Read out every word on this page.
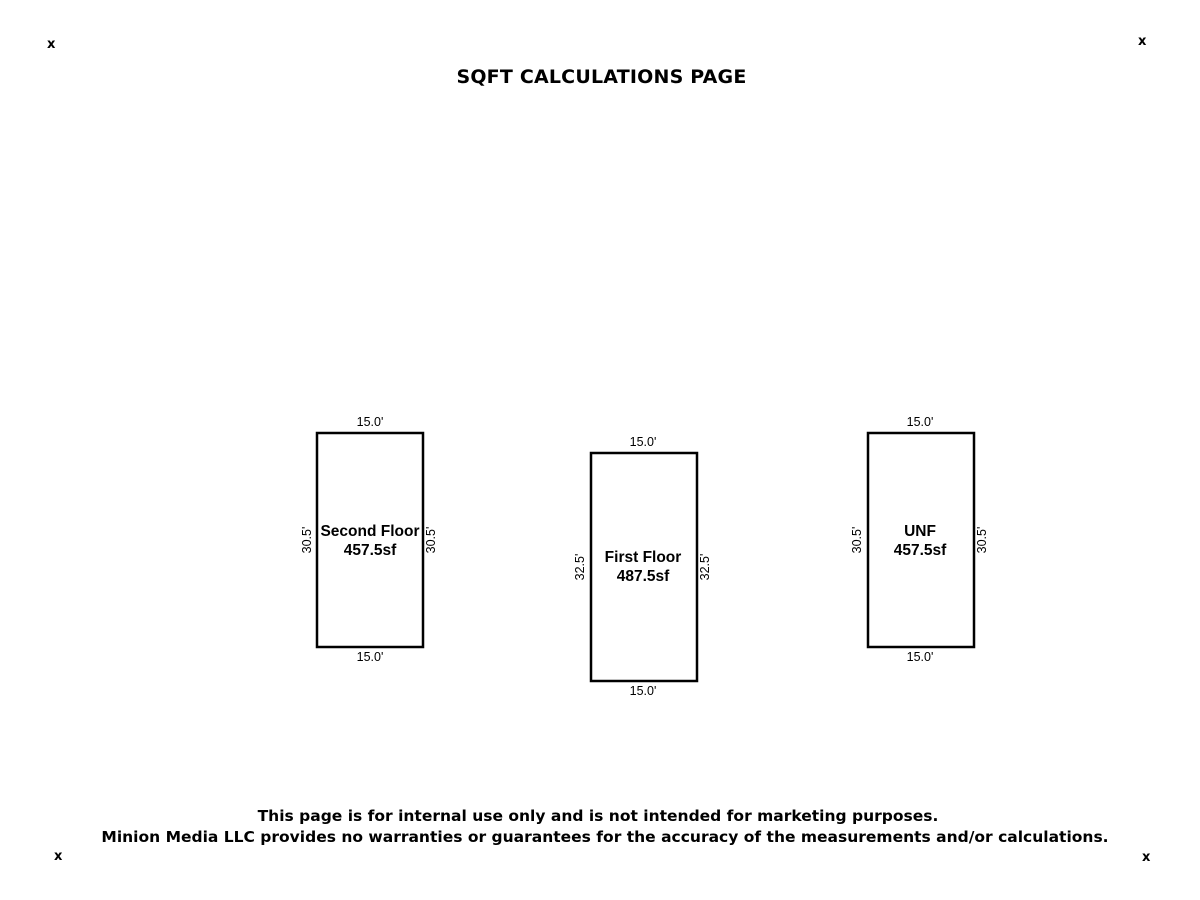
x	x
x	x
SQFT CALCULATIONS PAGE
15.0'
15.0'
30.5'	30.5'
Second Floor
457.5sf
15.0'
15.0'
32.5'	32.5'
First Floor
487.5sf
15.0'
15.0'
30.5'	30.5'
UNF
457.5sf
This page is for internal use only and is not intended for marketing purposes.
Minion Media LLC provides no warranties or guarantees for the accuracy of the measurements and/or calculations.
